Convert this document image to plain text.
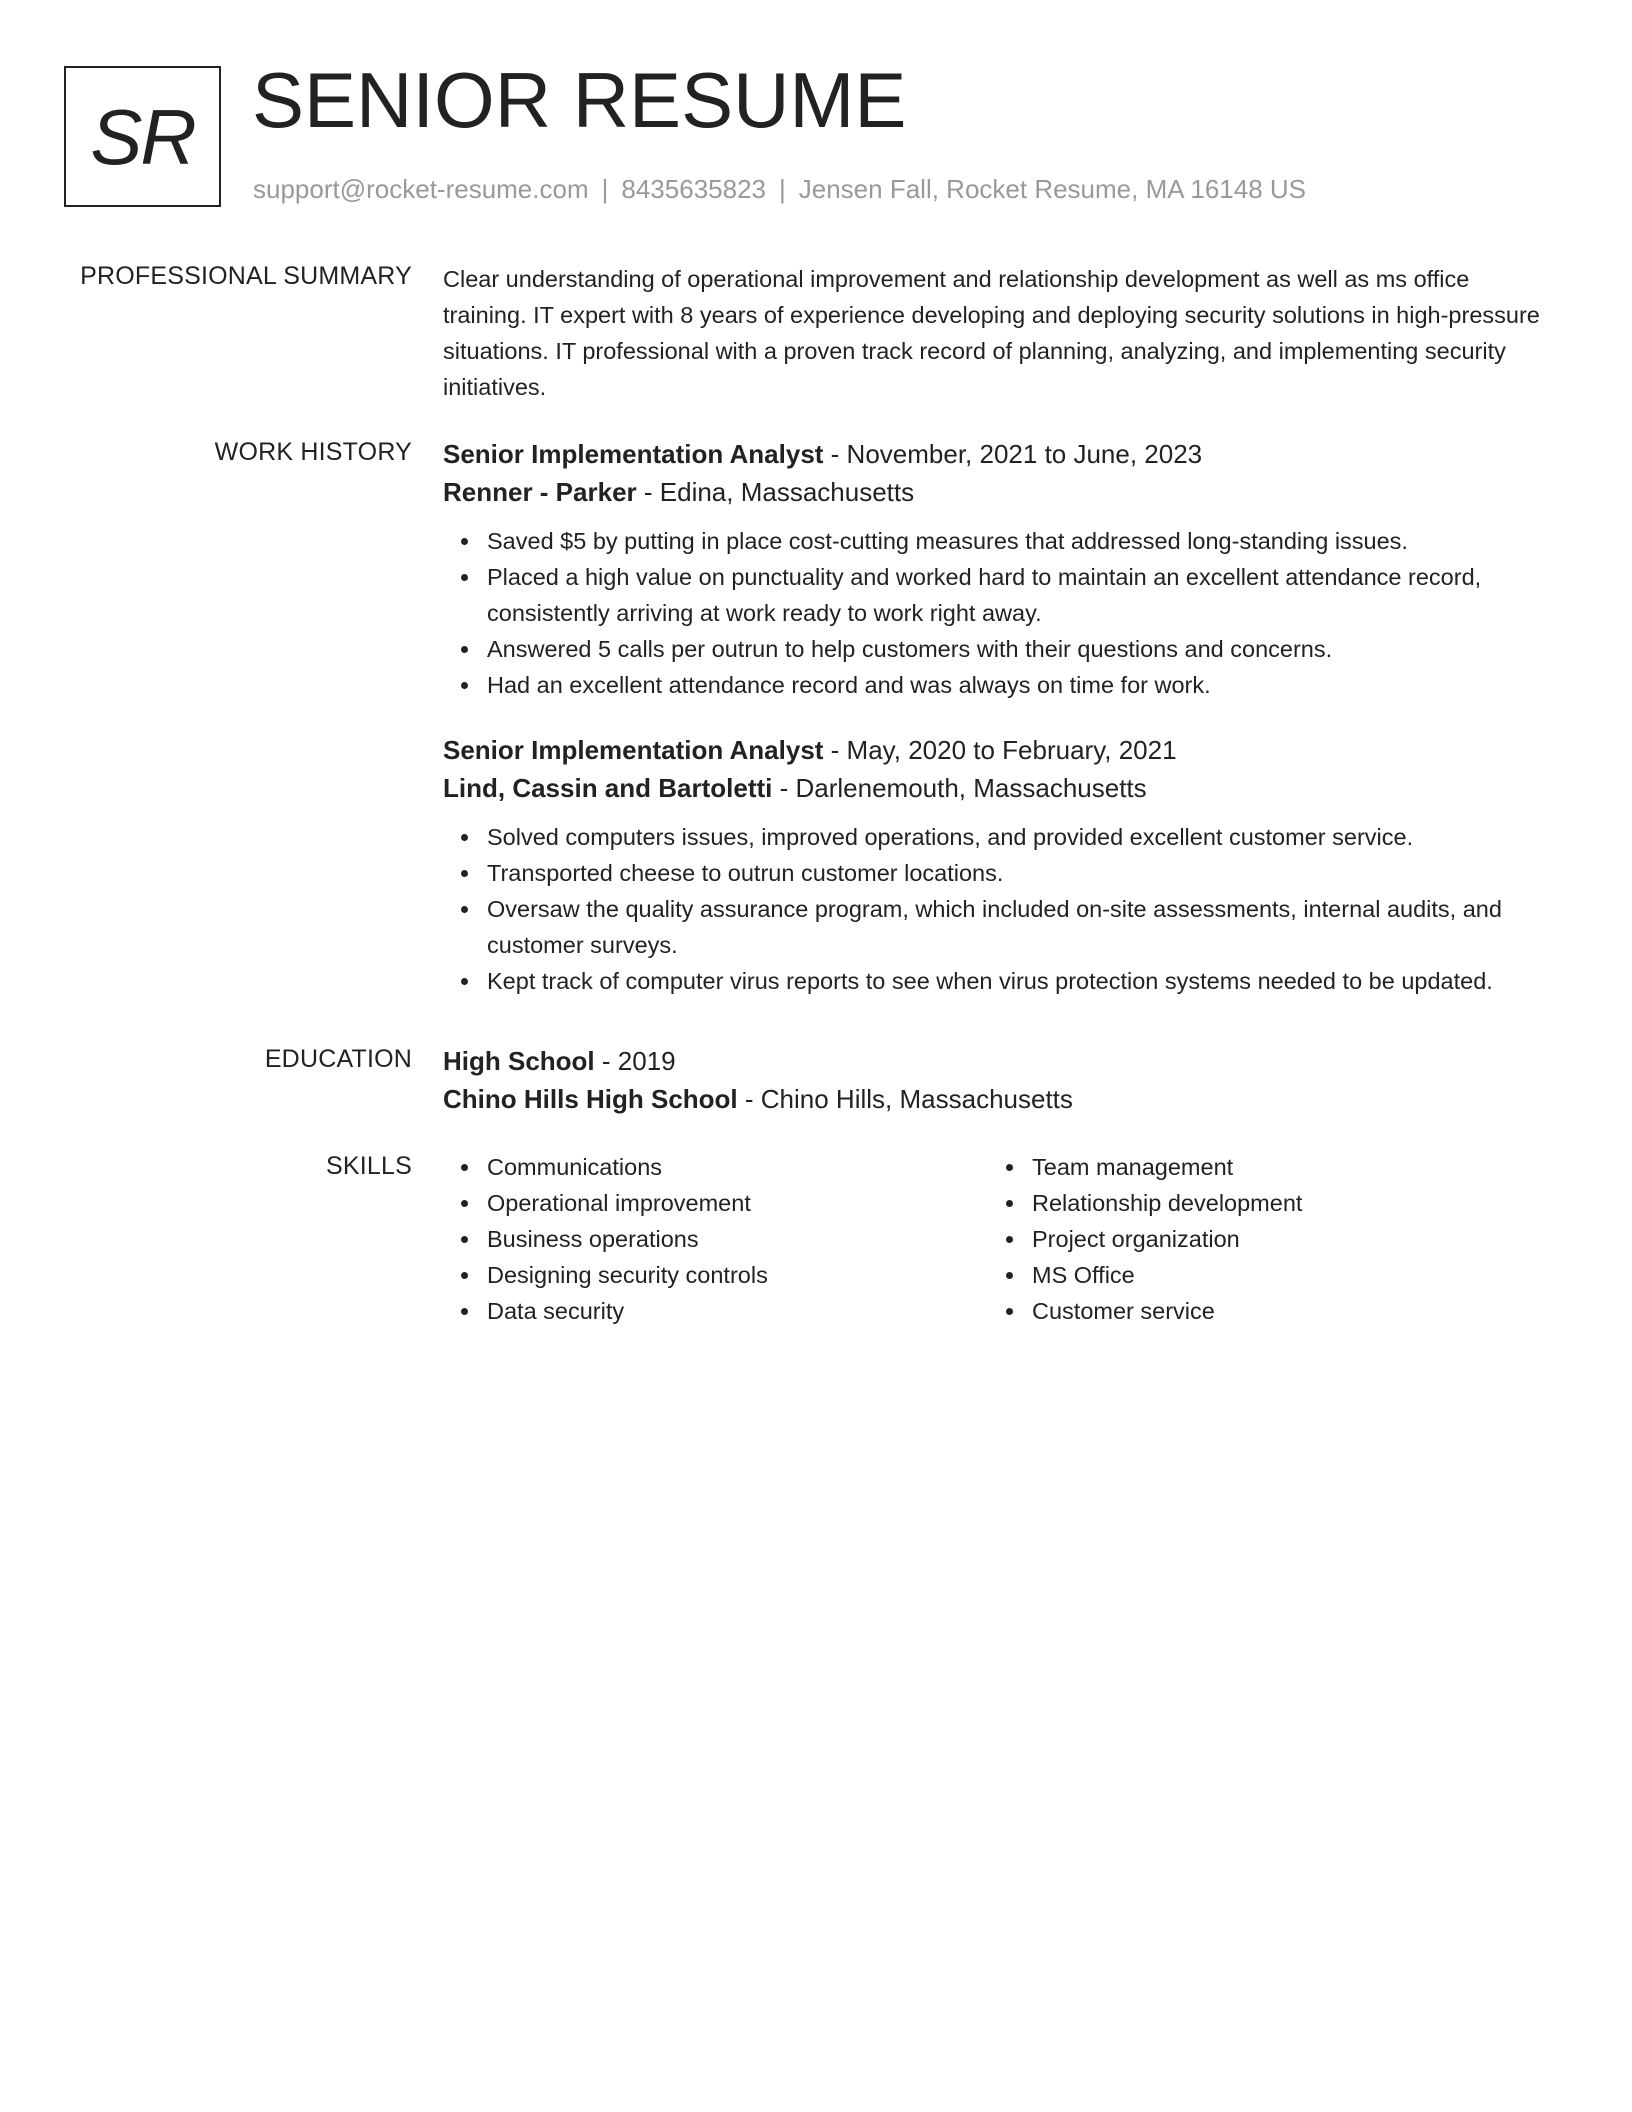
SR SENIOR RESUME
support@rocket-resume.com | 8435635823 | Jensen Fall, Rocket Resume, MA 16148 US
PROFESSIONAL SUMMARY Clear understanding of operational improvement and relationship development as well as ms office training. IT expert with 8 years of experience developing and deploying security solutions in high-pressure situations. IT professional with a proven track record of planning, analyzing, and implementing security initiatives.

WORK HISTORY Senior Implementation Analyst - November, 2021 to June, 2023
Renner - Parker - Edina, Massachusetts
Saved $5 by putting in place cost-cutting measures that addressed long-standing issues.
Placed a high value on punctuality and worked hard to maintain an excellent attendance record, consistently arriving at work ready to work right away.
Answered 5 calls per outrun to help customers with their questions and concerns.
Had an excellent attendance record and was always on time for work.
Senior Implementation Analyst - May, 2020 to February, 2021
Lind, Cassin and Bartoletti - Darlenemouth, Massachusetts
Solved computers issues, improved operations, and provided excellent customer service.
Transported cheese to outrun customer locations.
Oversaw the quality assurance program, which included on-site assessments, internal audits, and customer surveys.
Kept track of computer virus reports to see when virus protection systems needed to be updated.
EDUCATION High School - 2019
Chino Hills High School - Chino Hills, Massachusetts
SKILLS	Communications
Operational improvement
Business operations
Designing security controls
Data security
Team management
Relationship development
Project organization
MS Office
Customer service
